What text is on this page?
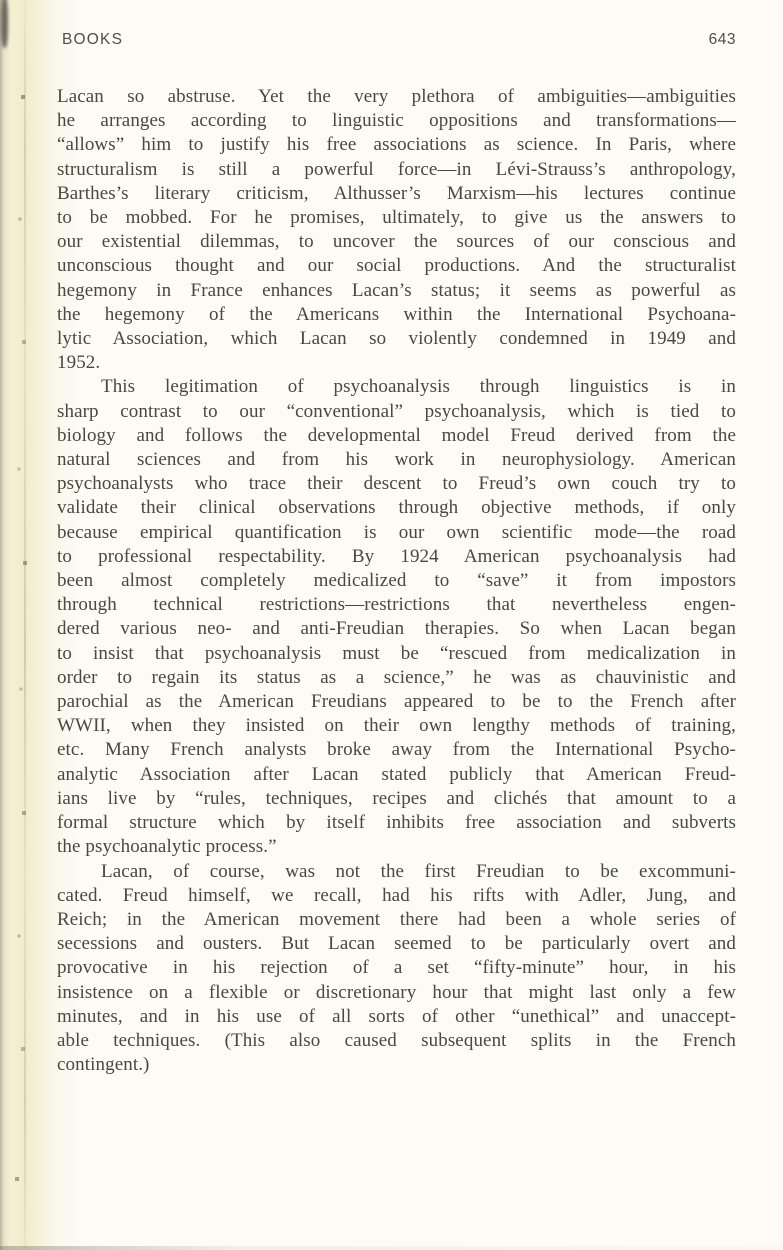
BOOKS	643
Lacan so abstruse. Yet the very plethora of ambiguities—ambiguities
he arranges according to linguistic oppositions and transformations—
“allows” him to justify his free associations as science. In Paris, where
structuralism is still a powerful force—in Lévi-Strauss’s anthropology,
Barthes’s literary criticism, Althusser’s Marxism—his lectures continue
to be mobbed. For he promises, ultimately, to give us the answers to
our existential dilemmas, to uncover the sources of our conscious and
unconscious thought and our social productions. And the structuralist
hegemony in France enhances Lacan’s status; it seems as powerful as
the hegemony of the Americans within the International Psychoana-
lytic Association, which Lacan so violently condemned in 1949 and
1952.
This legitimation of psychoanalysis through linguistics is in
sharp contrast to our “conventional” psychoanalysis, which is tied to
biology and follows the developmental model Freud derived from the
natural sciences and from his work in neurophysiology. American
psychoanalysts who trace their descent to Freud’s own couch try to
validate their clinical observations through objective methods, if only
because empirical quantification is our own scientific mode—the road
to professional respectability. By 1924 American psychoanalysis had
been almost completely medicalized to “save” it from impostors
through technical restrictions—restrictions that nevertheless engen-
dered various neo- and anti-Freudian therapies. So when Lacan began
to insist that psychoanalysis must be “rescued from medicalization in
order to regain its status as a science,” he was as chauvinistic and
parochial as the American Freudians appeared to be to the French after
WWII, when they insisted on their own lengthy methods of training,
etc. Many French analysts broke away from the International Psycho-
analytic Association after Lacan stated publicly that American Freud-
ians live by “rules, techniques, recipes and clichés that amount to a
formal structure which by itself inhibits free association and subverts
the psychoanalytic process.”
Lacan, of course, was not the first Freudian to be excommuni-
cated. Freud himself, we recall, had his rifts with Adler, Jung, and
Reich; in the American movement there had been a whole series of
secessions and ousters. But Lacan seemed to be particularly overt and
provocative in his rejection of a set “fifty-minute” hour, in his
insistence on a flexible or discretionary hour that might last only a few
minutes, and in his use of all sorts of other “unethical” and unaccept-
able techniques. (This also caused subsequent splits in the French
contingent.)
